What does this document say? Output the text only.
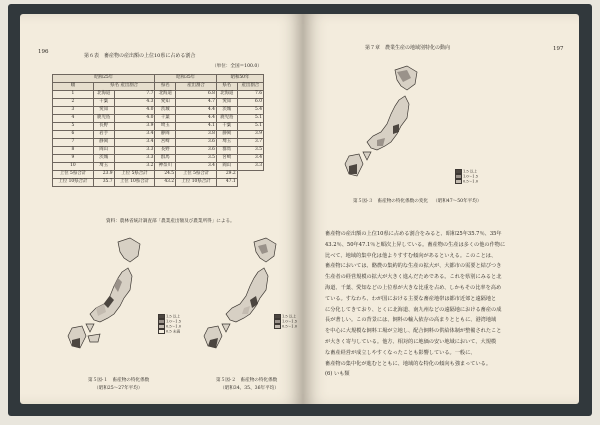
196
第６表　畜産物の産出額の上位10県に占める割合
（単位：全国＝100.0）
昭和25年			昭和35年		昭和50年	
順	県名 産出割合		県名	産出割合	県名	産出割合
1	北海道	7.7	北海道	6.8	北海道	7.6
2	千葉	4.3	愛知	4.7	愛知	6.0
3	愛知	4.0	茨城	4.4	茨城	5.4
4	鹿児島	4.0	千葉	4.4	鹿児島	5.1
5	長野	3.9	埼玉	4.1	千葉	5.1
6	岩手	3.4	静岡	3.8	静岡	3.9
7	静岡	3.4	宮崎	3.6	埼玉	3.7
8	岡山	3.3	長野	3.6	群馬	3.5
9	茨城	3.3	群馬	3.5	宮崎	3.4
10	埼玉	3.2	神奈川	3.4	岡山	3.3
上位 5県合計	23.9	上位 5県合計	24.5	上位 5県合計	29.2	
上位 10県合計	35.7	上位 10県合計	43.2	上位 10県合計	47.1	
資料：農林省統計調査部「農業産出額及び農業所得」による。
1.5 以上
1.0〜1.5
0.5〜1.0
0.5 未満
第５図-１　畜産物の特化係数
（昭和25〜27年平均）
1.5 以上
1.0〜1.5
0.5〜1.0
第５図-２　畜産物の特化係数
（昭和34、35、36年平均）
第７章　農業生産の地域別特化の動向	197
1.5 以上
1.0〜1.5
0.5〜1.0
第５図-３　畜産物の特化係数の変化 （昭和47〜50年平均）

畜産物の産出額の上位10県に占める割合をみると、昭和25年35.7％、35年

43.2％、50年47.1％と順次上昇している。畜産物の生産は多くの他の作物に

比べて、地域的集中化は他よりすすむ傾向があるといえる。このことは、

畜産物においては、酪農の集約的な生産の拡大が、大都市の需要と結びつき

生産者の経営規模の拡大が大きく進んだためである。これを県別にみると北

海道、千葉、愛知などの上位県が大きな比重を占め、しかもその比率を高め

ている。すなわち、わが国における主要な畜産地帯は都市近郊と遠隔地と

に分化してきており、とくに北海道、南九州などの遠隔地における畜産の成

長が著しい。この背景には、飼料の輸入依存の高まりとともに、港湾地域

を中心に大規模な飼料工場が立地し、配合飼料の供給体制が整備されたこと

が大きく寄与している。他方、相対的に地価の安い地域において、大規模

な畜産経営が成立しやすくなったことも影響している。一般に、

畜産物の集中化が進むとともに、地域的な特化の傾向も強まっている。

(6) いも類
